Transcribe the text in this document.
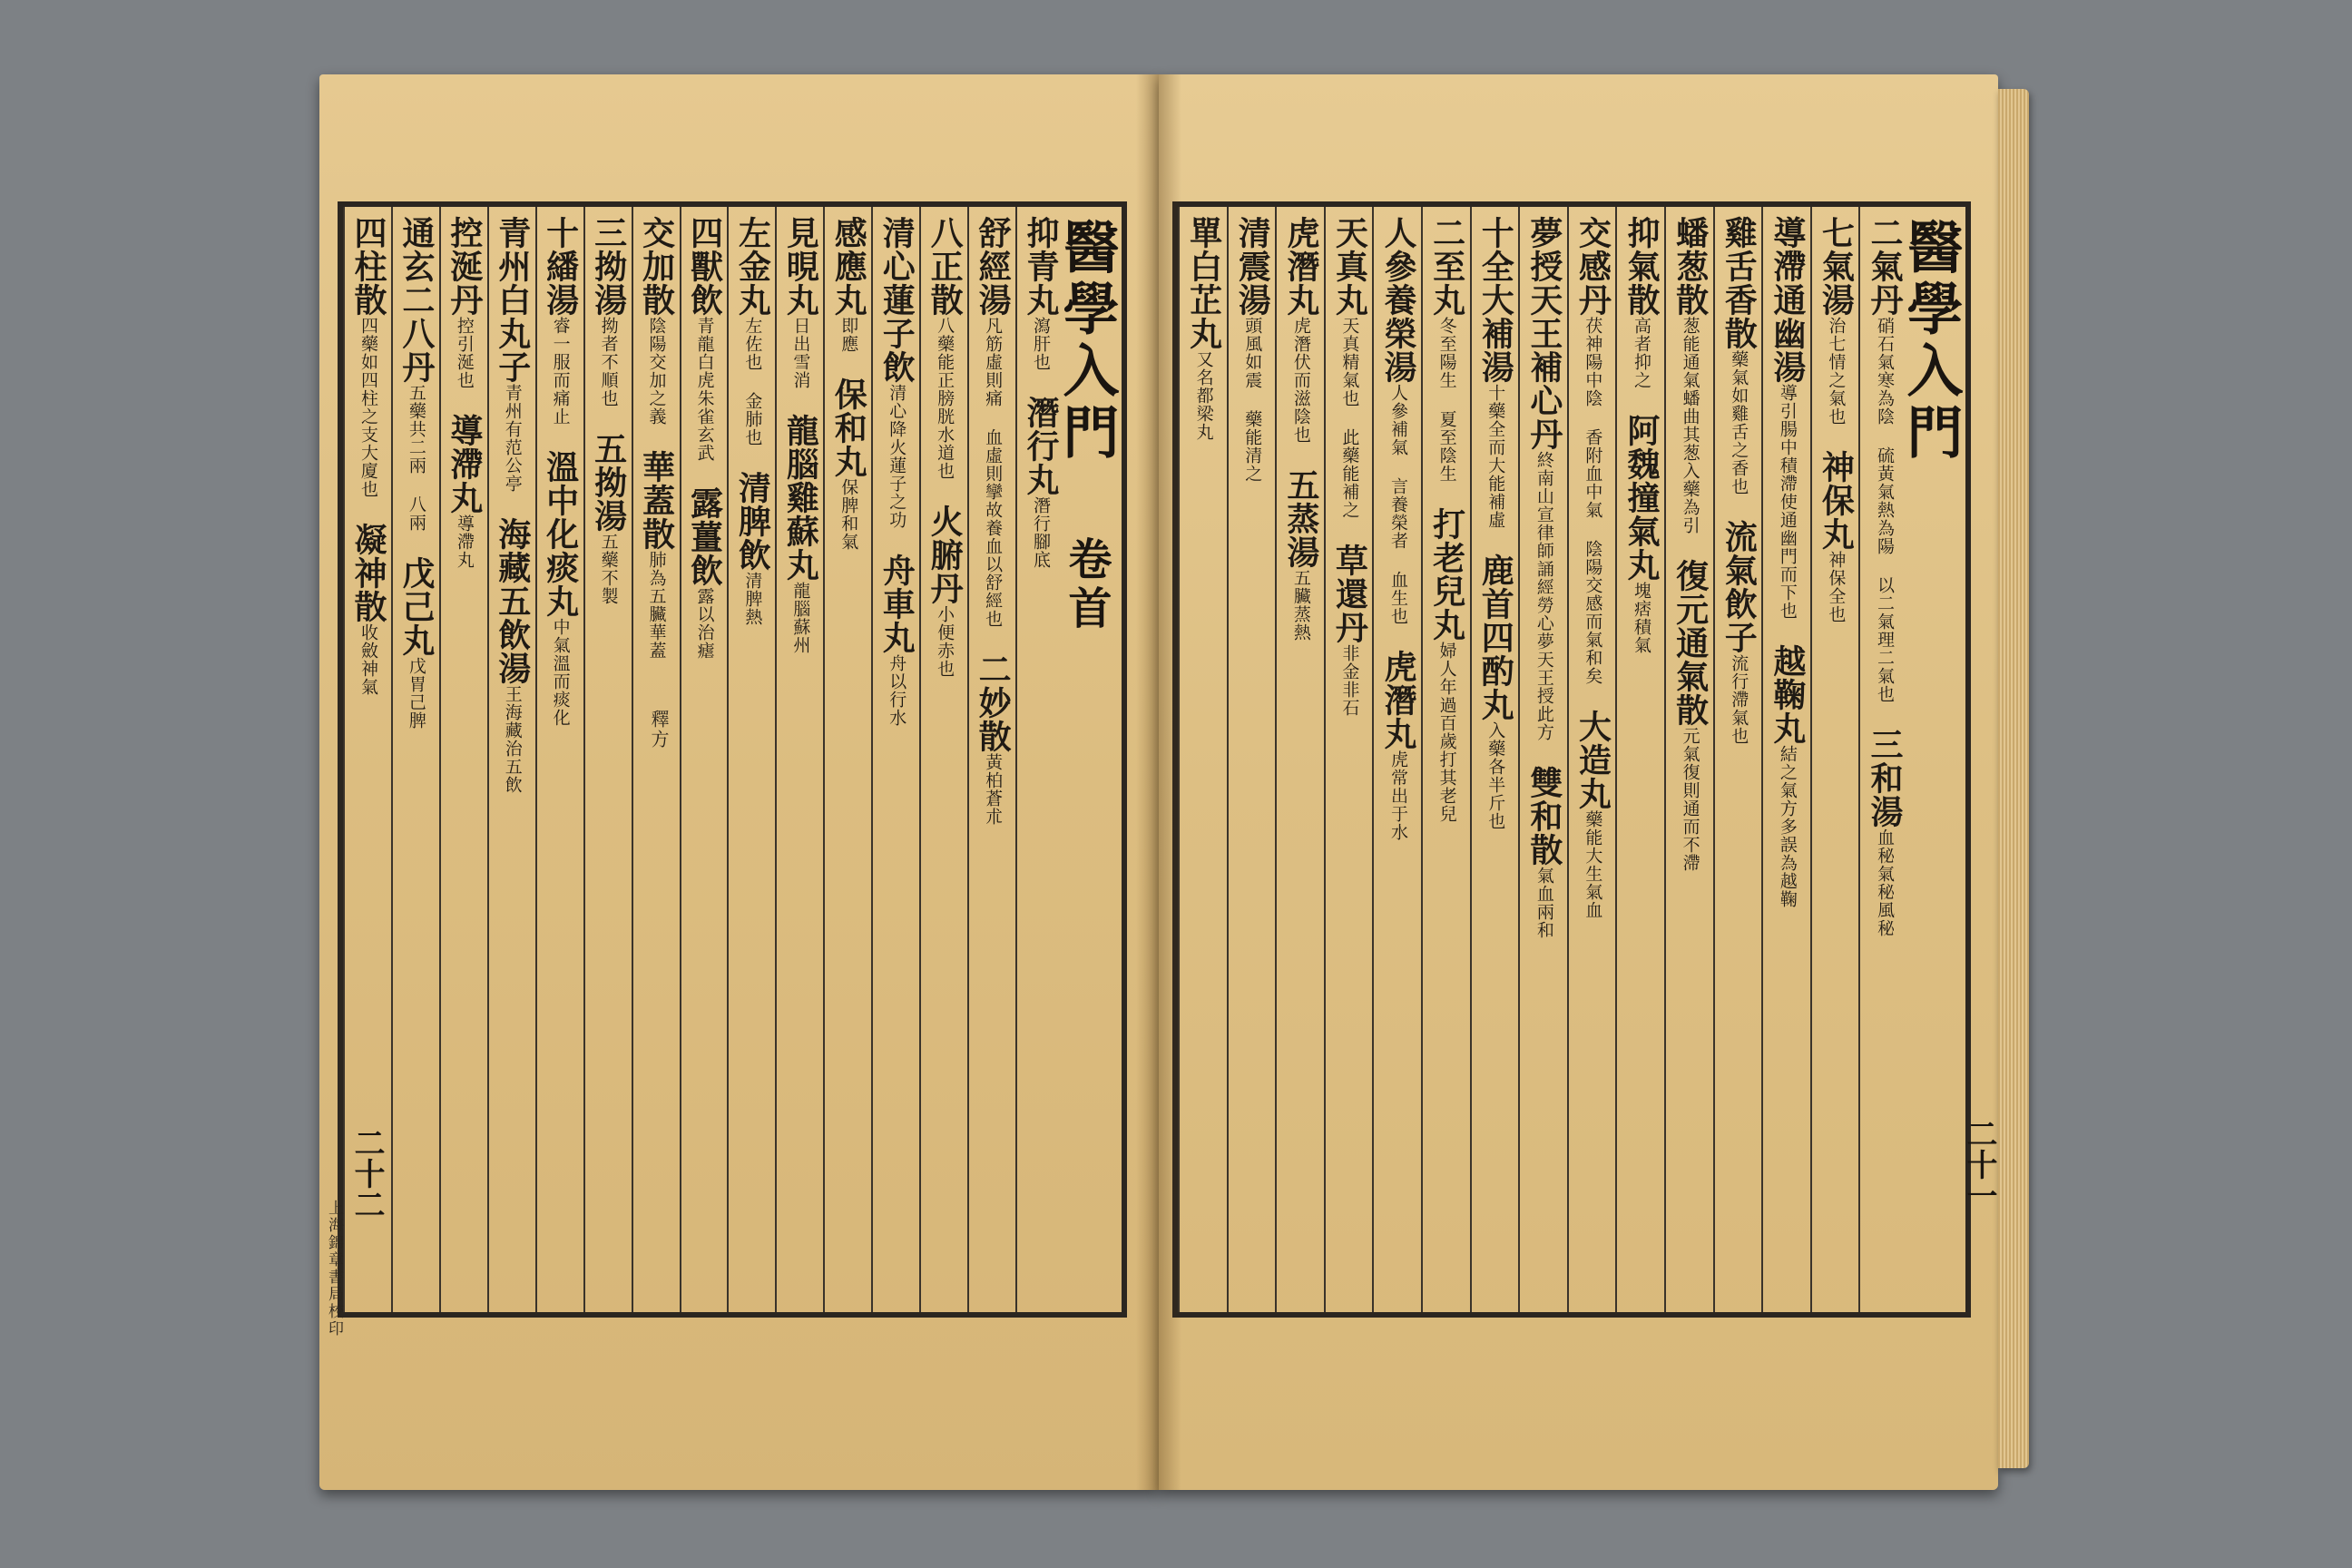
醫學入門 卷首
抑青丸瀉肝也　潛行丸潛行腳底
舒經湯凡筋虛則痛 血虛則攣故養血以舒經也　二妙散黃柏蒼朮
八正散八藥能正膀胱水道也　火腑丹小便赤也
清心蓮子飲清心降火蓮子之功　舟車丸舟以行水
感應丸即應　保和丸保脾和氣
見晛丸日出雪消　龍腦雞蘇丸龍腦蘇州
左金丸左佐也 金肺也　清脾飲清脾熱
四獸飲青龍白虎朱雀玄武　露薑飲露以治瘧
交加散陰陽交加之義　華蓋散肺為五臟華蓋
三拗湯拗者不順也　五拗湯五藥不製
十繙湯睿一服而痛止　溫中化痰丸中氣溫而痰化
青州白丸子青州有范公亭　海藏五飲湯王海藏治五飲
控涎丹控引涎也　導滯丸導滯丸
通玄二八丹五藥共二兩 八兩　戊己丸戊胃己脾
四柱散四藥如四柱之支大廈也　凝神散收斂神氣
釋方
二十二
上海錦章書局校印
醫學入門
二氣丹硝石氣寒為陰 硫黃氣熱為陽 以二氣理二氣也　三和湯血秘氣秘風秘
七氣湯治七情之氣也　神保丸神保全也
導滯通幽湯導引腸中積滯使通幽門而下也　越鞠丸結之氣方多誤為越鞠
雞舌香散藥氣如雞舌之香也　流氣飲子流行滯氣也
蟠葱散葱能通氣蟠曲其葱入藥為引　復元通氣散元氣復則通而不滯
抑氣散高者抑之　阿魏撞氣丸塊痞積氣
交感丹茯神陽中陰 香附血中氣 陰陽交感而氣和矣　大造丸藥能大生氣血
夢授天王補心丹終南山宣律師誦經勞心夢天王授此方　雙和散氣血兩和
十全大補湯十藥全而大能補虛　鹿首四酌丸入藥各半斤也
二至丸冬至陽生 夏至陰生　打老兒丸婦人年過百歲打其老兒
人參養榮湯人參補氣 言養榮者 血生也　虎潛丸虎常出于水
天真丸天真精氣也 此藥能補之　草還丹非金非石
虎潛丸虎潛伏而滋陰也　五蒸湯五臟蒸熱
清震湯頭風如震 藥能清之
單白芷丸又名都梁丸
二十一
